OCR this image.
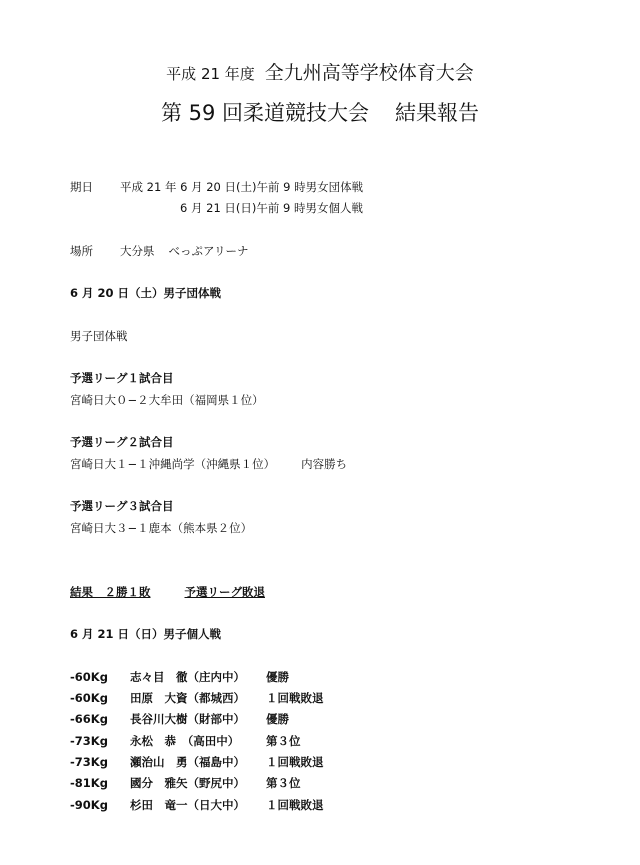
平成 21 年度 全九州高等学校体育大会
第 59 回柔道競技大会 結果報告
期日 平成 21 年 6 月 20 日(土)午前 9 時男女団体戦
6 月 21 日(日)午前 9 時男女個人戦
場所 大分県 べっぷアリーナ
6 月 20 日（土）男子団体戦
男子団体戦
予選リーグ１試合目
宮崎日大０−２大牟田（福岡県１位）
予選リーグ２試合目
宮崎日大１−１沖縄尚学（沖縄県１位） 内容勝ち
予選リーグ３試合目
宮崎日大３−１鹿本（熊本県２位）
結果　２勝１敗	予選リーグ敗退
6 月 21 日（日）男子個人戦
-60Kg 志々目　徹（庄内中） 優勝
-60Kg 田原　大資（都城西） １回戦敗退
-66Kg 長谷川大樹（財部中） 優勝
-73Kg 永松　恭　（高田中） 第３位
-73Kg 瀬治山　勇（福島中） １回戦敗退
-81Kg 國分　雅矢（野尻中） 第３位
-90Kg 杉田　竜一（日大中） １回戦敗退
